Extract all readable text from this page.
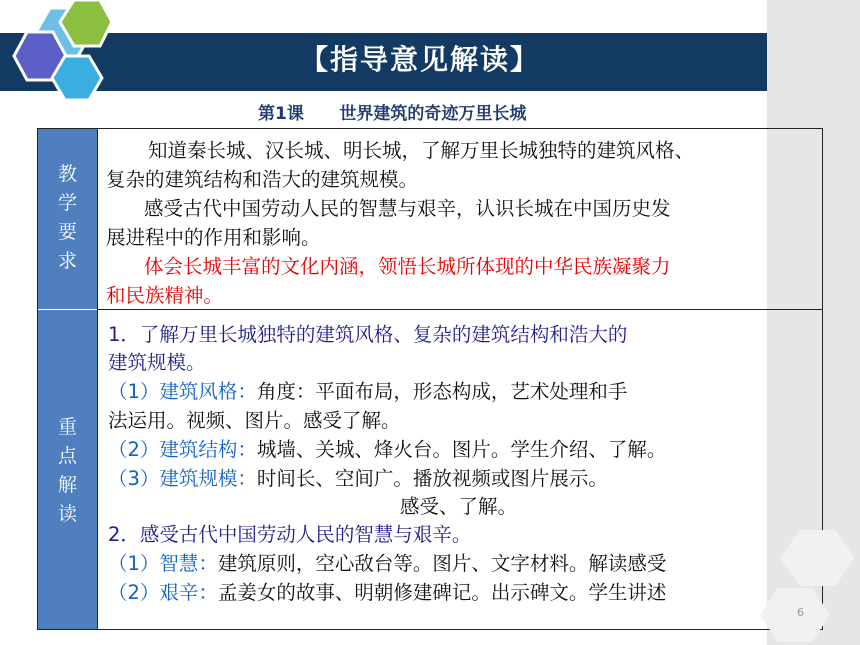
【指导意见解读】
第1课      世界建筑的奇迹万里长城
教
学
要
求
重
点
解
读
知道秦长城、汉长城、明长城，了解万里长城独特的建筑风格、
复杂的建筑结构和浩大的建筑规模。
感受古代中国劳动人民的智慧与艰辛，认识长城在中国历史发
展进程中的作用和影响。
体会长城丰富的文化内涵，领悟长城所体现的中华民族凝聚力
和民族精神。
1．了解万里长城独特的建筑风格、复杂的建筑结构和浩大的
建筑规模。
（1）建筑风格：角度：平面布局，形态构成，艺术处理和手
法运用。视频、图片。感受了解。
（2）建筑结构：城墙、关城、烽火台。图片。学生介绍、了解。
（3）建筑规模：时间长、空间广。播放视频或图片展示。
感受、了解。
2．感受古代中国劳动人民的智慧与艰辛。
（1）智慧：建筑原则，空心敌台等。图片、文字材料。解读感受
（2）艰辛：孟姜女的故事、明朝修建碑记。出示碑文。学生讲述
6
